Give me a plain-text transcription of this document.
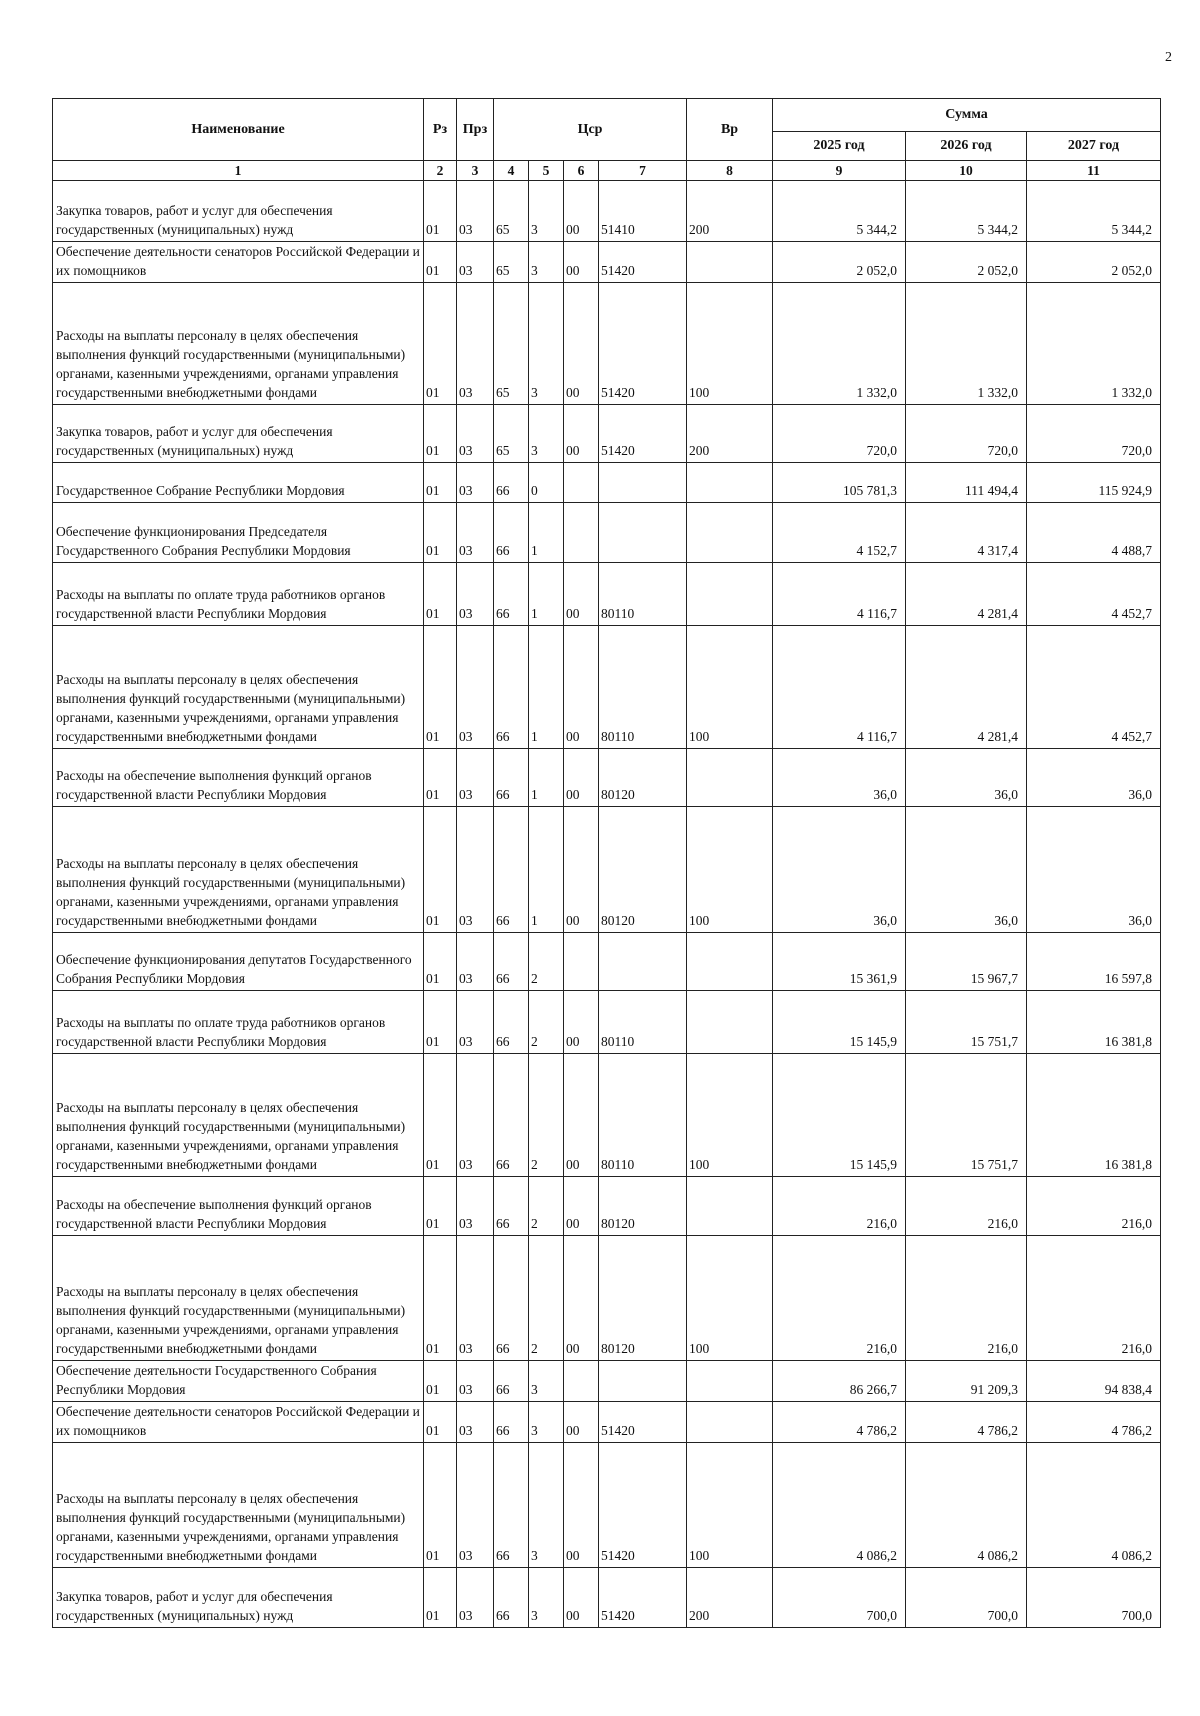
2
Наименование	Рз	Прз	Цср				Вр	Сумма		
								2025 год	2026 год	2027 год
1	2	3	4	5	6	7	8	9	10	11
Закупка товаров, работ и услуг для обеспечения государственных (муниципальных) нужд	01	03	65	3	00	51410	200	5 344,2	5 344,2	5 344,2
Обеспечение деятельности сенаторов Российской Федерации и их помощников	01	03	65	3	00	51420		2 052,0	2 052,0	2 052,0
Расходы на выплаты персоналу в целях обеспечения выполнения функций государственными (муниципальными) органами, казенными учреждениями, органами управления государственными внебюджетными фондами	01	03	65	3	00	51420	100	1 332,0	1 332,0	1 332,0
Закупка товаров, работ и услуг для обеспечения государственных (муниципальных) нужд	01	03	65	3	00	51420	200	720,0	720,0	720,0
Государственное Собрание Республики Мордовия	01	03	66	0				105 781,3	111 494,4	115 924,9
Обеспечение функционирования Председателя Государственного Собрания Республики Мордовия	01	03	66	1				4 152,7	4 317,4	4 488,7
Расходы на выплаты по оплате труда работников органов государственной власти Республики Мордовия	01	03	66	1	00	80110		4 116,7	4 281,4	4 452,7
Расходы на выплаты персоналу в целях обеспечения выполнения функций государственными (муниципальными) органами, казенными учреждениями, органами управления государственными внебюджетными фондами	01	03	66	1	00	80110	100	4 116,7	4 281,4	4 452,7
Расходы на обеспечение выполнения функций органов государственной власти Республики Мордовия	01	03	66	1	00	80120		36,0	36,0	36,0
Расходы на выплаты персоналу в целях обеспечения выполнения функций государственными (муниципальными) органами, казенными учреждениями, органами управления государственными внебюджетными фондами	01	03	66	1	00	80120	100	36,0	36,0	36,0
Обеспечение функционирования депутатов Государственного Собрания Республики Мордовия	01	03	66	2				15 361,9	15 967,7	16 597,8
Расходы на выплаты по оплате труда работников органов государственной власти Республики Мордовия	01	03	66	2	00	80110		15 145,9	15 751,7	16 381,8
Расходы на выплаты персоналу в целях обеспечения выполнения функций государственными (муниципальными) органами, казенными учреждениями, органами управления государственными внебюджетными фондами	01	03	66	2	00	80110	100	15 145,9	15 751,7	16 381,8
Расходы на обеспечение выполнения функций органов государственной власти Республики Мордовия	01	03	66	2	00	80120		216,0	216,0	216,0
Расходы на выплаты персоналу в целях обеспечения выполнения функций государственными (муниципальными) органами, казенными учреждениями, органами управления государственными внебюджетными фондами	01	03	66	2	00	80120	100	216,0	216,0	216,0
Обеспечение деятельности Государственного Собрания Республики Мордовия	01	03	66	3				86 266,7	91 209,3	94 838,4
Обеспечение деятельности сенаторов Российской Федерации и их помощников	01	03	66	3	00	51420		4 786,2	4 786,2	4 786,2
Расходы на выплаты персоналу в целях обеспечения выполнения функций государственными (муниципальными) органами, казенными учреждениями, органами управления государственными внебюджетными фондами	01	03	66	3	00	51420	100	4 086,2	4 086,2	4 086,2
Закупка товаров, работ и услуг для обеспечения государственных (муниципальных) нужд	01	03	66	3	00	51420	200	700,0	700,0	700,0
